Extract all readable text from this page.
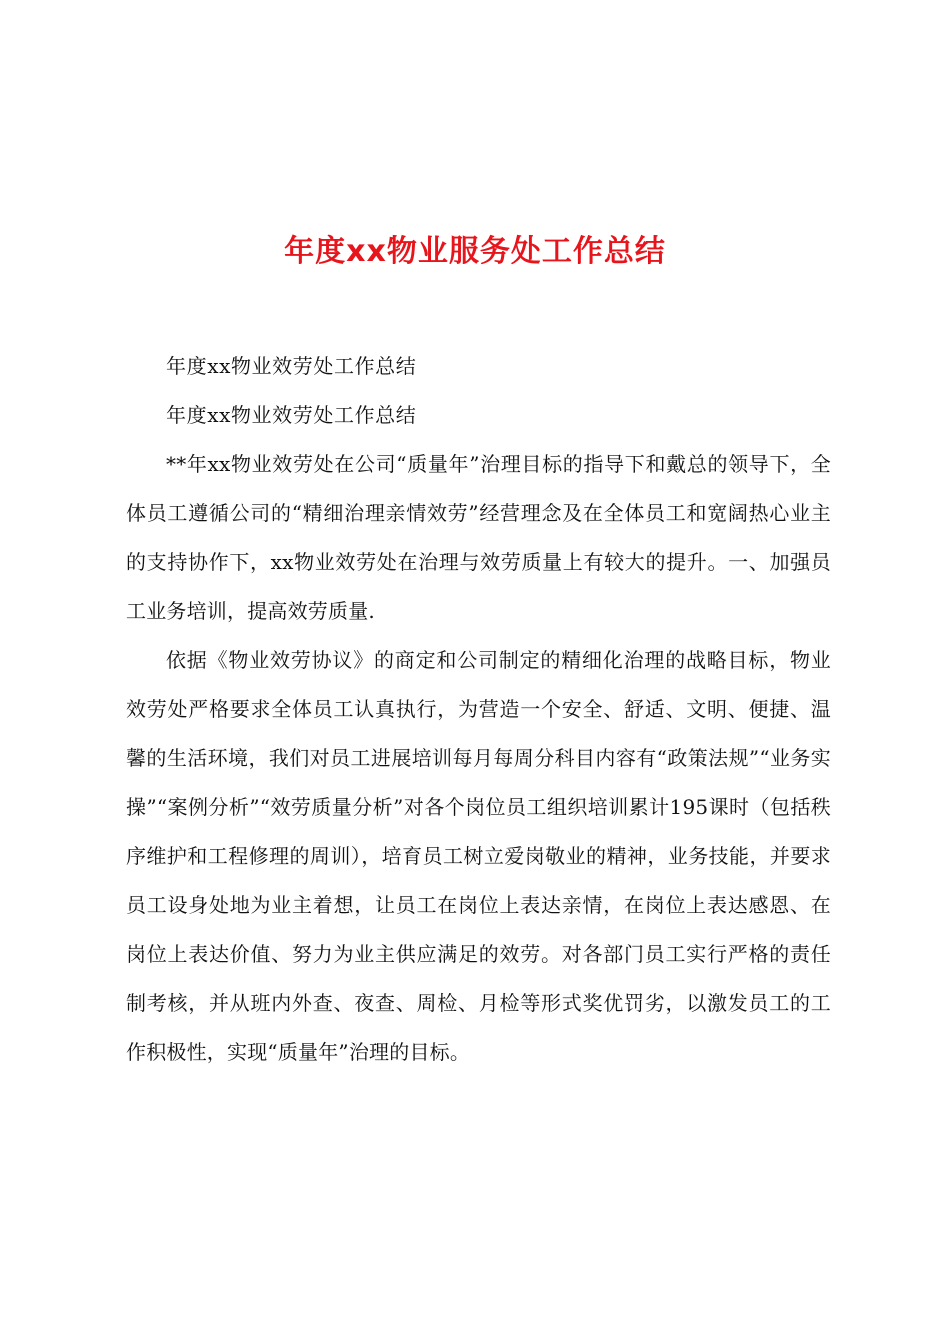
年度xx物业服务处工作总结

年度xx物业效劳处工作总结

年度xx物业效劳处工作总结

**年xx物业效劳处在公司“质量年”治理目标的指导下和戴总的领导下，全体员工遵循公司的“精细治理亲情效劳”经营理念及在全体员工和宽阔热心业主的支持协作下，xx物业效劳处在治理与效劳质量上有较大的提升。一、加强员工业务培训，提高效劳质量.

依据《物业效劳协议》的商定和公司制定的精细化治理的战略目标，物业效劳处严格要求全体员工认真执行，为营造一个安全、舒适、文明、便捷、温馨的生活环境，我们对员工进展培训每月每周分科目内容有“政策法规”“业务实操”“案例分析”“效劳质量分析”对各个岗位员工组织培训累计195课时（包括秩序维护和工程修理的周训），培育员工树立爱岗敬业的精神，业务技能，并要求员工设身处地为业主着想，让员工在岗位上表达亲情，在岗位上表达感恩、在岗位上表达价值、努力为业主供应满足的效劳。对各部门员工实行严格的责任制考核，并从班内外查、夜查、周检、月检等形式奖优罚劣，以激发员工的工作积极性，实现“质量年”治理的目标。
